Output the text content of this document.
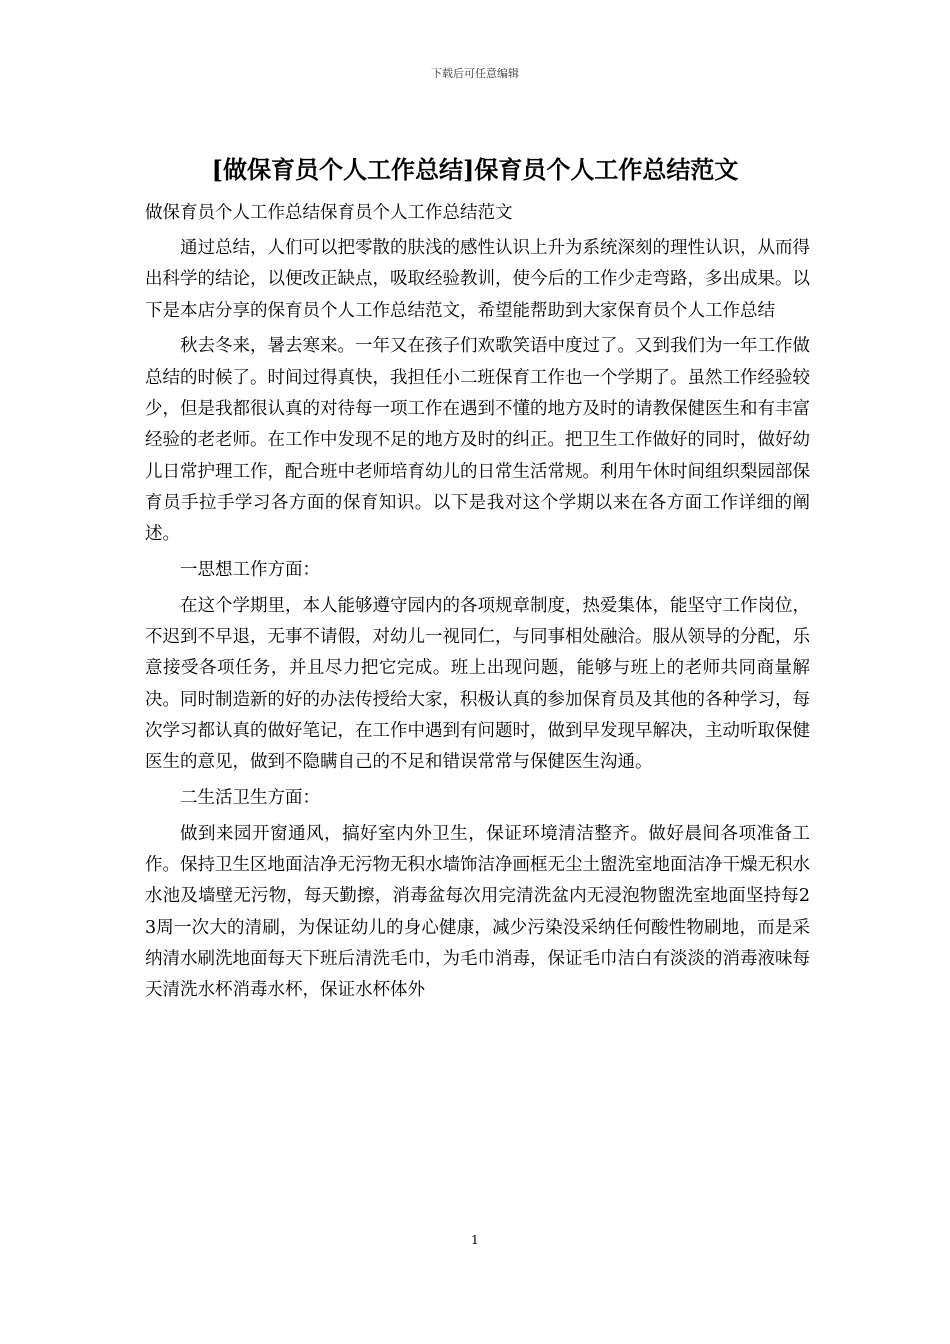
下载后可任意编辑
[做保育员个人工作总结]保育员个人工作总结范文

做保育员个人工作总结保育员个人工作总结范文

通过总结，人们可以把零散的肤浅的感性认识上升为系统深刻的理性认识，从而得出科学的结论，以便改正缺点，吸取经验教训，使今后的工作少走弯路，多出成果。以下是本店分享的保育员个人工作总结范文，希望能帮助到大家保育员个人工作总结

秋去冬来，暑去寒来。一年又在孩子们欢歌笑语中度过了。又到我们为一年工作做总结的时候了。时间过得真快，我担任小二班保育工作也一个学期了。虽然工作经验较少，但是我都很认真的对待每一项工作在遇到不懂的地方及时的请教保健医生和有丰富经验的老老师。在工作中发现不足的地方及时的纠正。把卫生工作做好的同时，做好幼儿日常护理工作，配合班中老师培育幼儿的日常生活常规。利用午休时间组织梨园部保育员手拉手学习各方面的保育知识。以下是我对这个学期以来在各方面工作详细的阐述。

一思想工作方面：

在这个学期里，本人能够遵守园内的各项规章制度，热爱集体，能坚守工作岗位，不迟到不早退，无事不请假，对幼儿一视同仁，与同事相处融洽。服从领导的分配，乐意接受各项任务，并且尽力把它完成。班上出现问题，能够与班上的老师共同商量解决。同时制造新的好的办法传授给大家，积极认真的参加保育员及其他的各种学习，每次学习都认真的做好笔记，在工作中遇到有问题时，做到早发现早解决，主动听取保健医生的意见，做到不隐瞒自己的不足和错误常常与保健医生沟通。

二生活卫生方面：

做到来园开窗通风，搞好室内外卫生，保证环境清洁整齐。做好晨间各项准备工作。保持卫生区地面洁净无污物无积水墙饰洁净画框无尘土盥洗室地面洁净干燥无积水水池及墙壁无污物，每天勤擦，消毒盆每次用完清洗盆内无浸泡物盥洗室地面坚持每23周一次大的清刷，为保证幼儿的身心健康，减少污染没采纳任何酸性物刷地，而是采纳清水刷洗地面每天下班后清洗毛巾，为毛巾消毒，保证毛巾洁白有淡淡的消毒液味每天清洗水杯消毒水杯，保证水杯体外

1
